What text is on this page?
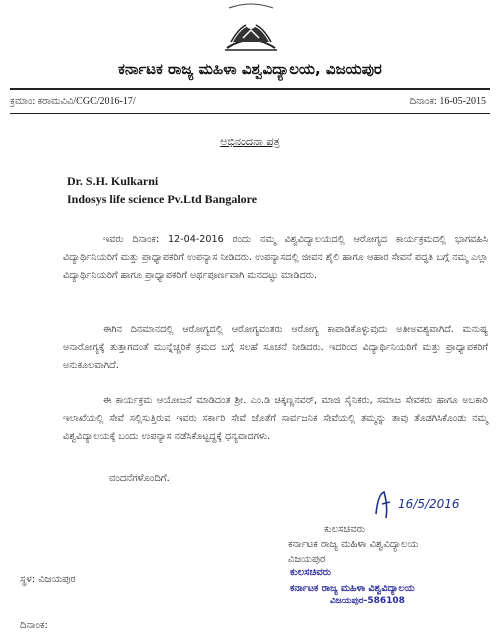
ಕರ್ನಾಟಕ ರಾಜ್ಯ ಮಹಿಳಾ ವಿಶ್ವವಿದ್ಯಾಲಯ, ವಿಜಯಪುರ
ಕ್ರಮಾಂ: ಕರಾಮವಿವಿ/CGC/2016-17/	ದಿನಾಂಕ: 16-05-2015
ಅಭಿನಂದನಾ ಪತ್ರ
Dr. S.H. Kulkarni
Indosys life science Pv.Ltd Bangalore
ಇವರು ದಿನಾಂಕ: 12-04-2016 ರಂದು ನಮ್ಮ ವಿಶ್ವವಿದ್ಯಾಲಯದಲ್ಲಿ ಆರೋಗ್ಯದ ಕಾರ್ಯಕ್ರಮದಲ್ಲಿ ಭಾಗವಹಿಸಿ ವಿದ್ಯಾರ್ಥಿನಿಯರಿಗೆ ಮತ್ತು ಪ್ರಾಧ್ಯಾಪಕರಿಗೆ ಉಪನ್ಯಾಸ ನೀಡಿದರು. ಉಪನ್ಯಾಸದಲ್ಲಿ ಜೀವನ ಶೈಲಿ ಹಾಗೂ ಆಹಾರ ಸೇವನೆ ಪದ್ಧತಿ ಬಗ್ಗೆ ನಮ್ಮ ಎಲ್ಲಾ ವಿದ್ಯಾರ್ಥಿನಿಯರಿಗೆ ಹಾಗೂ ಪ್ರಾಧ್ಯಾಪಕರಿಗೆ ಅರ್ಥಪೂರ್ಣವಾಗಿ ಮನದಟ್ಟು ಮಾಡಿದರು.
ಈಗಿನ ದಿನಮಾನದಲ್ಲಿ ಆರೋಗ್ಯದಲ್ಲಿ ಆರೋಗ್ಯವಂತರು ಆರೋಗ್ಯ ಕಾಪಾಡಿಕೊಳ್ಳುವುದು ಅತೀಅವಶ್ಯವಾಗಿದೆ. ಮನುಷ್ಯ ಅನಾರೋಗ್ಯಕ್ಕೆ ತುತ್ತಾಗದಂತೆ ಮುನ್ನೆಚ್ಚರಿಕೆ ಕ್ರಮದ ಬಗ್ಗೆ ಸಲಹೆ ಸೂಚನೆ ನೀಡಿದರು. ಇದರಿಂದ ವಿದ್ಯಾರ್ಥಿನಿಯರಿಗೆ ಮತ್ತು ಪ್ರಾಧ್ಯಾಪಕರಿಗೆ ಅನುಕೂಲವಾಗಿದೆ.
ಈ ಕಾರ್ಯಕ್ರಮ ಆಯೋಜನೆ ಮಾಡಿದಂತ ಶ್ರೀ. ಎಂ.ಡಿ ಚಿಕ್ಕಣ್ಣನವರ್, ಮಾಜಿ ಸೈನಿಕರು, ಸಮಾಜ ಸೇವಕರು ಹಾಗೂ ಅಬಕಾರಿ ಇಲಾಖೆಯಲ್ಲಿ ಸೇವೆ ಸಲ್ಲಿಸುತ್ತಿರುವ ಇವರು ಸರ್ಕಾರಿ ಸೇವೆ ಜೊತೆಗೆ ಸಾರ್ವಜನಿಕ ಸೇವೆಯಲ್ಲಿ ತಮ್ಮನ್ನು ತಾವು ತೊಡಗಿಸಿಕೊಂಡು ನಮ್ಮ ವಿಶ್ವವಿದ್ಯಾಲಯಕ್ಕೆ ಬಂದು ಉಪನ್ಯಾಸ ನಡೆಸಿಕೊಟ್ಟದ್ದಕ್ಕೆ ಧನ್ಯವಾದಗಳು.
ವಂದನೆಗಳೊಂದಿಗೆ.
16/5/2016
ಕುಲಸಚಿವರು
ಕರ್ನಾಟಕ ರಾಜ್ಯ ಮಹಿಳಾ ವಿಶ್ವವಿದ್ಯಾಲಯ
ವಿಜಯಪುರ
ಕುಲಸಚಿವರು
ಕರ್ನಾಟಕ ರಾಜ್ಯ ಮಹಿಳಾ ವಿಶ್ವವಿದ್ಯಾಲಯ
ವಿಜಯಪುರ-586108
ಸ್ಥಳ: ವಿಜಯಪುರ
ದಿನಾಂಕ:
